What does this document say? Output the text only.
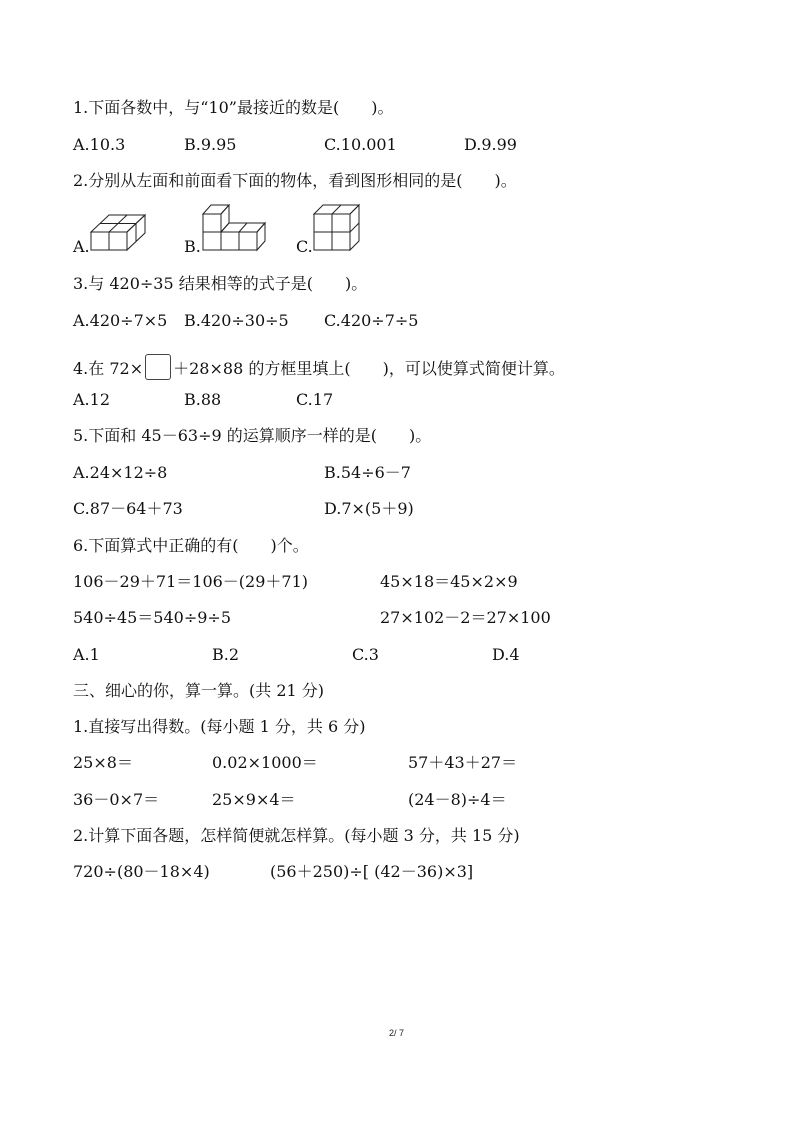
1.下面各数中，与“10”最接近的数是(　　)。
A.10.3	B.9.95	C.10.001	D.9.99
2.分别从左面和前面看下面的物体，看到图形相同的是(　　)。
A.	B.	C.
3.与 420÷35 结果相等的式子是(　　)。
A.420÷7×5 B.420÷30÷5 C.420÷7÷5
4.在 72× ＋28×88 的方框里填上(　　)，可以使算式简便计算。
A.12	B.88	C.17
5.下面和 45－63÷9 的运算顺序一样的是(　　)。
A.24×12÷8	B.54÷6－7
C.87－64＋73	D.7×(5＋9)
6.下面算式中正确的有(　　)个。
106－29＋71＝106－(29＋71)	45×18＝45×2×9
540÷45＝540÷9÷5	27×102－2＝27×100
A.1	B.2	C.3	D.4
三、细心的你，算一算。(共 21 分)
1.直接写出得数。(每小题 1 分，共 6 分)
25×8＝	0.02×1000＝	57＋43＋27＝
36－0×7＝	25×9×4＝	(24－8)÷4＝
2.计算下面各题，怎样简便就怎样算。(每小题 3 分，共 15 分)
720÷(80－18×4)	(56＋250)÷[ (42－36)×3]
2/ 7
